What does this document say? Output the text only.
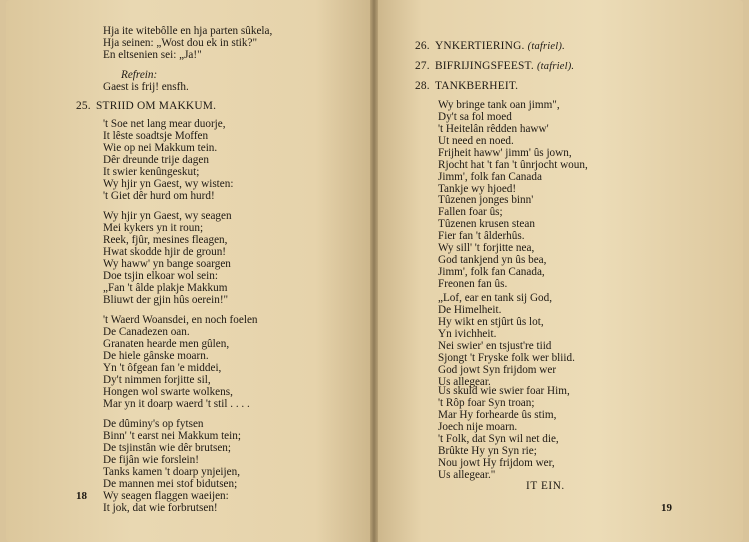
Hja ite witebôlle en hja parten sûkela,
Hja seinen: „Wost dou ek in stik?"
En eltsenien sei: „Ja!"
Refrein:
Gaest is frij! ensfh.
25. STRIID OM MAKKUM.
't Soe net lang mear duorje,
It lêste soadtsje Moffen
Wie op nei Makkum tein.
Dêr dreunde trije dagen
It swier kenûngeskut;
Wy hjir yn Gaest, wy wisten:
't Giet dêr hurd om hurd!
Wy hjir yn Gaest, wy seagen
Mei kykers yn it roun;
Reek, fjûr, mesines fleagen,
Hwat skodde hjir de groun!
Wy haww' yn bange soargen
Doe tsjin elkoar wol sein:
„Fan 't âlde plakje Makkum
Bliuwt der gjin hûs oerein!"
't Waerd Woansdei, en noch foelen
De Canadezen oan.
Granaten hearde men gûlen,
De hiele gânske moarn.
Yn 't ôfgean fan 'e middei,
Dy't nimmen forjitte sil,
Hongen wol swarte wolkens,
Mar yn it doarp waerd 't stil . . . .
De dûminy's op fytsen
Binn' 't earst nei Makkum tein;
De tsjinstân wie dêr brutsen;
De fijân wie forslein!
Tanks kamen 't doarp ynjeijen,
De mannen mei stof bidutsen;
Wy seagen flaggen waeijen:
It jok, dat wie forbrutsen!
18
26. YNKERTIERING. (tafriel).
27. BIFRIJINGSFEEST. (tafriel).
28. TANKBERHEIT.
Wy bringe tank oan jimm",
Dy't sa fol moed
't Heitelân rêdden haww'
Ut need en noed.
Frijheit haww' jimm' ûs jown,
Rjocht hat 't fan 't ûnrjocht woun,
Jimm', folk fan Canada
Tankje wy hjoed!
Tûzenen jonges binn'
Fallen foar ûs;
Tûzenen krusen stean
Fier fan 't âlderhûs.
Wy sill' 't forjitte nea,
God tankjend yn ûs bea,
Jimm', folk fan Canada,
Freonen fan ûs.
„Lof, ear en tank sij God,
De Himelheit.
Hy wikt en stjûrt ûs lot,
Yn ivichheit.
Nei swier' en tsjust're tiid
Sjongt 't Fryske folk wer bliid.
God jowt Syn frijdom wer
Us allegear.
Us skuld wie swier foar Him,
't Rôp foar Syn troan;
Mar Hy forhearde ûs stim,
Joech nije moarn.
't Folk, dat Syn wil net die,
Brûkte Hy yn Syn rie;
Nou jowt Hy frijdom wer,
Us allegear."
IT EIN.
19
